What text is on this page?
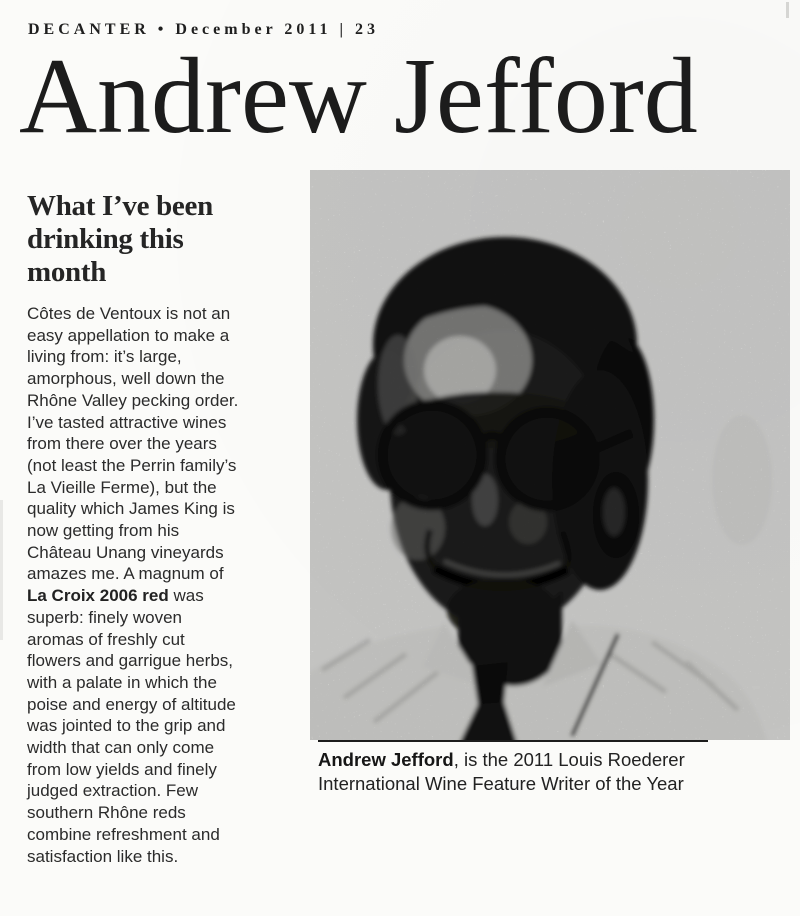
DECANTER • December 2011 | 23
Andrew Jefford
What I’ve been drinking this month

Côtes de Ventoux is not an easy appellation to make a living from: it’s large, amorphous, well down the Rhône Valley pecking order. I’ve tasted attractive wines from there over the years (not least the Perrin family’s La Vieille Ferme), but the quality which James King is now getting from his Château Unang vineyards amazes me. A magnum of La Croix 2006 red was superb: finely woven aromas of freshly cut flowers and garrigue herbs, with a palate in which the poise and energy of altitude was jointed to the grip and width that can only come from low yields and finely judged extraction. Few southern Rhône reds combine refreshment and satisfaction like this.

Andrew Jefford, is the 2011 Louis Roederer International Wine Feature Writer of the Year
